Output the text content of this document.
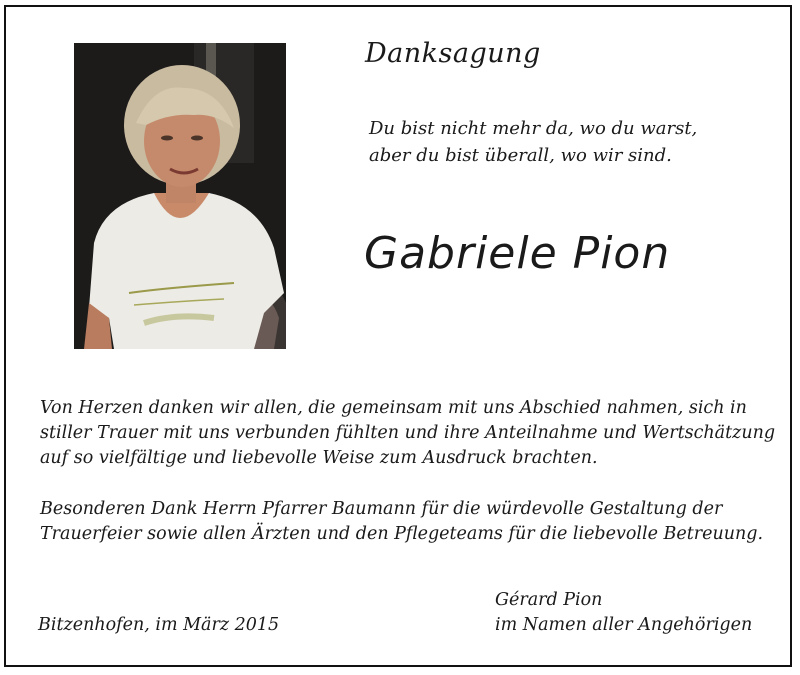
Danksagung
Du bist nicht mehr da, wo du warst,
aber du bist überall, wo wir sind.
Gabriele Pion
Von Herzen danken wir allen, die gemeinsam mit uns Abschied nahmen, sich in
stiller Trauer mit uns verbunden fühlten und ihre Anteilnahme und Wertschätzung
auf so vielfältige und liebevolle Weise zum Ausdruck brachten.
Besonderen Dank Herrn Pfarrer Baumann für die würdevolle Gestaltung der
Trauerfeier sowie allen Ärzten und den Pflegeteams für die liebevolle Betreuung.
Bitzenhofen, im März 2015
Gérard Pion
im Namen aller Angehörigen
